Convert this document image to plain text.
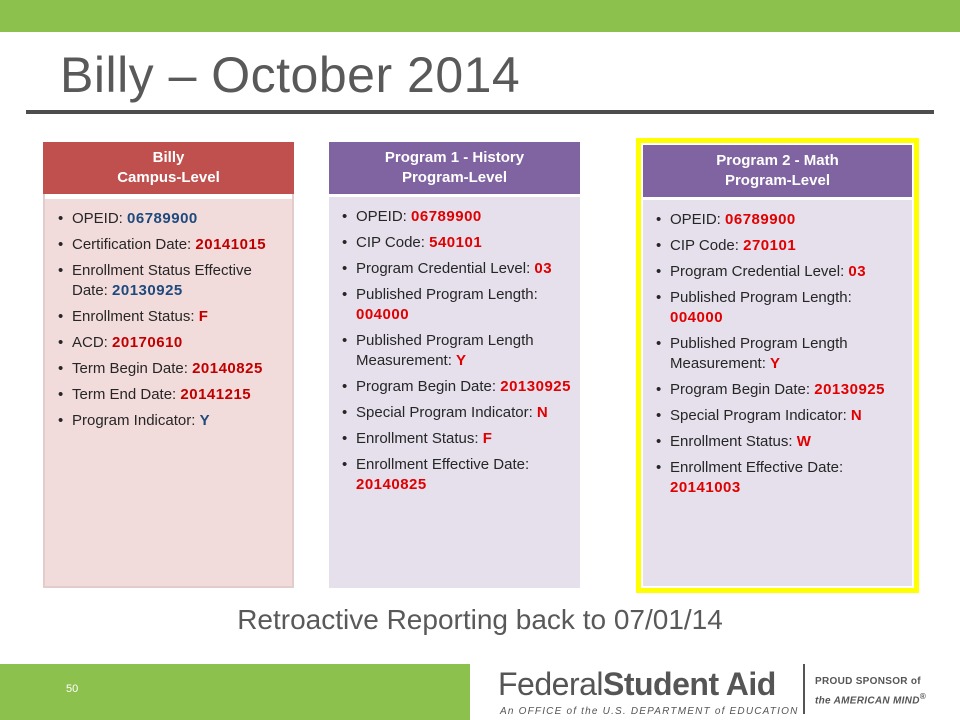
Billy – October 2014
Billy
Campus-Level
• OPEID: 06789900
• Certification Date: 20141015
• Enrollment Status Effective Date: 20130925
• Enrollment Status: F
• ACD: 20170610
• Term Begin Date: 20140825
• Term End Date: 20141215
• Program Indicator: Y
Program 1 - History
Program-Level
• OPEID: 06789900
• CIP Code: 540101
• Program Credential Level: 03
• Published Program Length: 004000
• Published Program Length Measurement: Y
• Program Begin Date: 20130925
• Special Program Indicator: N
• Enrollment Status: F
• Enrollment Effective Date: 20140825
Program 2 - Math
Program-Level
• OPEID: 06789900
• CIP Code: 270101
• Program Credential Level: 03
• Published Program Length: 004000
• Published Program Length Measurement: Y
• Program Begin Date: 20130925
• Special Program Indicator: N
• Enrollment Status: W
• Enrollment Effective Date: 20141003
Retroactive Reporting back to 07/01/14
50	FederalStudent Aid
An OFFICE of the U.S. DEPARTMENT of EDUCATION
PROUD SPONSOR of
the AMERICAN MIND®
